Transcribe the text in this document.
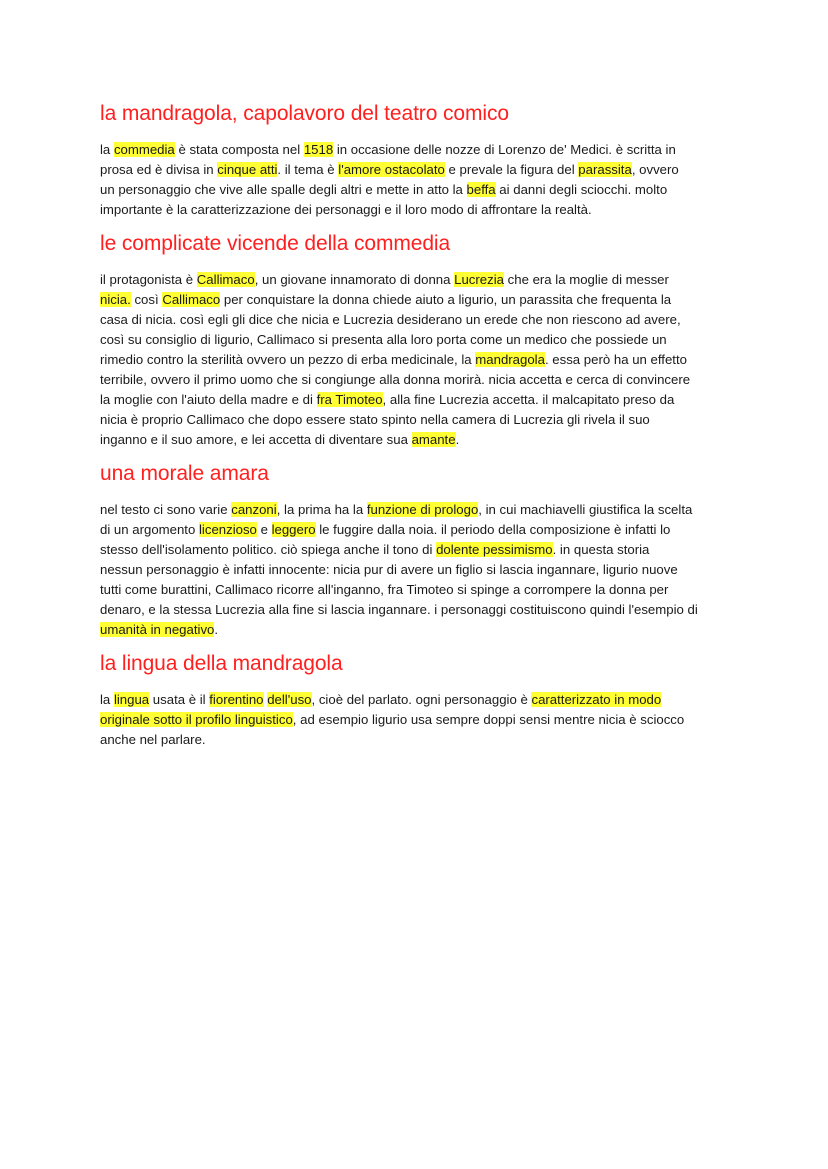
la mandragola, capolavoro del teatro comico

la commedia è stata composta nel 1518 in occasione delle nozze di Lorenzo de' Medici. è scritta in
prosa ed è divisa in cinque atti. il tema è l'amore ostacolato e prevale la figura del parassita, ovvero
un personaggio che vive alle spalle degli altri e mette in atto la beffa ai danni degli sciocchi. molto
importante è la caratterizzazione dei personaggi e il loro modo di affrontare la realtà.

le complicate vicende della commedia

il protagonista è Callimaco, un giovane innamorato di donna Lucrezia che era la moglie di messer
nicia. così Callimaco per conquistare la donna chiede aiuto a ligurio, un parassita che frequenta la
casa di nicia. così egli gli dice che nicia e Lucrezia desiderano un erede che non riescono ad avere,
così su consiglio di ligurio, Callimaco si presenta alla loro porta come un medico che possiede un
rimedio contro la sterilità ovvero un pezzo di erba medicinale, la mandragola. essa però ha un effetto
terribile, ovvero il primo uomo che si congiunge alla donna morirà. nicia accetta e cerca di convincere
la moglie con l'aiuto della madre e di fra Timoteo, alla fine Lucrezia accetta. il malcapitato preso da
nicia è proprio Callimaco che dopo essere stato spinto nella camera di Lucrezia gli rivela il suo
inganno e il suo amore, e lei accetta di diventare sua amante.

una morale amara

nel testo ci sono varie canzoni, la prima ha la funzione di prologo, in cui machiavelli giustifica la scelta
di un argomento licenzioso e leggero le fuggire dalla noia. il periodo della composizione è infatti lo
stesso dell'isolamento politico. ciò spiega anche il tono di dolente pessimismo. in questa storia
nessun personaggio è infatti innocente: nicia pur di avere un figlio si lascia ingannare, ligurio nuove
tutti come burattini, Callimaco ricorre all'inganno, fra Timoteo si spinge a corrompere la donna per
denaro, e la stessa Lucrezia alla fine si lascia ingannare. i personaggi costituiscono quindi l'esempio di
umanità in negativo.

la lingua della mandragola

la lingua usata è il fiorentino dell'uso, cioè del parlato. ogni personaggio è caratterizzato in modo
originale sotto il profilo linguistico, ad esempio ligurio usa sempre doppi sensi mentre nicia è sciocco
anche nel parlare.
